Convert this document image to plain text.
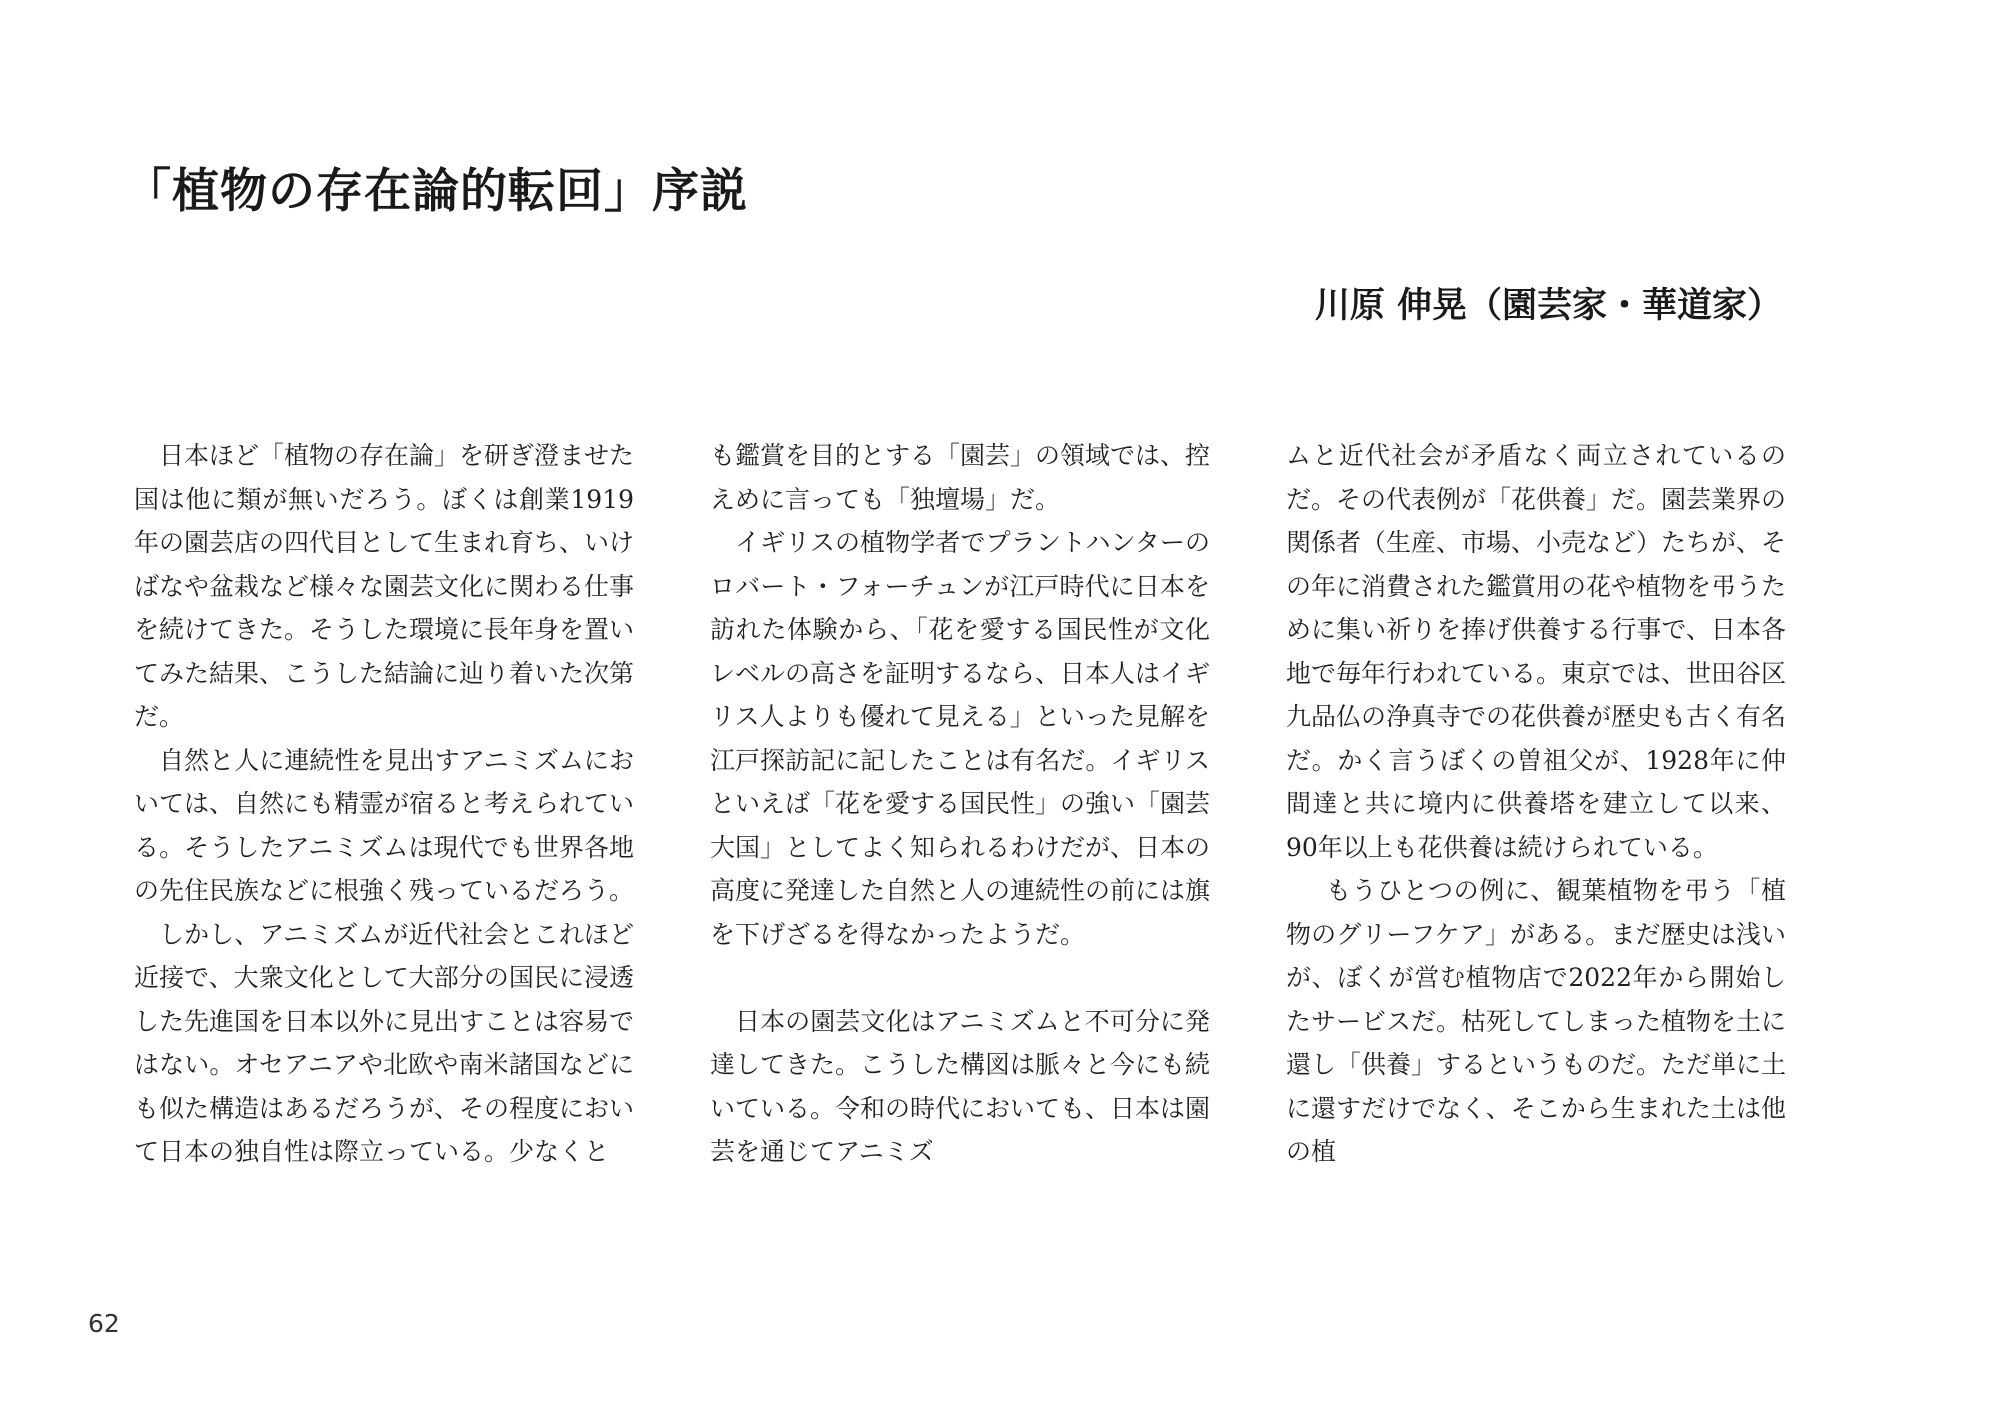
「植物の存在論的転回」序説
川原 伸晃（園芸家・華道家）

日本ほど「植物の存在論」を研ぎ澄ませた国は他に類が無いだろう。ぼくは創業1919年の園芸店の四代目として生まれ育ち、いけばなや盆栽など様々な園芸文化に関わる仕事を続けてきた。そうした環境に長年身を置いてみた結果、こうした結論に辿り着いた次第だ。

自然と人に連続性を見出すアニミズムにおいては、自然にも精霊が宿ると考えられている。そうしたアニミズムは現代でも世界各地の先住民族などに根強く残っているだろう。

しかし、アニミズムが近代社会とこれほど近接で、大衆文化として大部分の国民に浸透した先進国を日本以外に見出すことは容易ではない。オセアニアや北欧や南米諸国などにも似た構造はあるだろうが、その程度において日本の独自性は際立っている。少なくと

も鑑賞を目的とする「園芸」の領域では、控えめに言っても「独壇場」だ。

イギリスの植物学者でプラントハンターのロバート・フォーチュンが江戸時代に日本を訪れた体験から、「花を愛する国民性が文化レベルの高さを証明するなら、日本人はイギリス人よりも優れて見える」といった見解を江戸探訪記に記したことは有名だ。イギリスといえば「花を愛する国民性」の強い「園芸大国」としてよく知られるわけだが、日本の高度に発達した自然と人の連続性の前には旗を下げざるを得なかったようだ。

日本の園芸文化はアニミズムと不可分に発達してきた。こうした構図は脈々と今にも続いている。令和の時代においても、日本は園芸を通じてアニミズ

ムと近代社会が矛盾なく両立されているのだ。その代表例が「花供養」だ。園芸業界の関係者（生産、市場、小売など）たちが、その年に消費された鑑賞用の花や植物を弔うために集い祈りを捧げ供養する行事で、日本各地で毎年行われている。東京では、世田谷区九品仏の浄真寺での花供養が歴史も古く有名だ。かく言うぼくの曽祖父が、1928年に仲間達と共に境内に供養塔を建立して以来、90年以上も花供養は続けられている。

もうひとつの例に、観葉植物を弔う「植物のグリーフケア」がある。まだ歴史は浅いが、ぼくが営む植物店で2022年から開始したサービスだ。枯死してしまった植物を土に還し「供養」するというものだ。ただ単に土に還すだけでなく、そこから生まれた土は他の植

62
